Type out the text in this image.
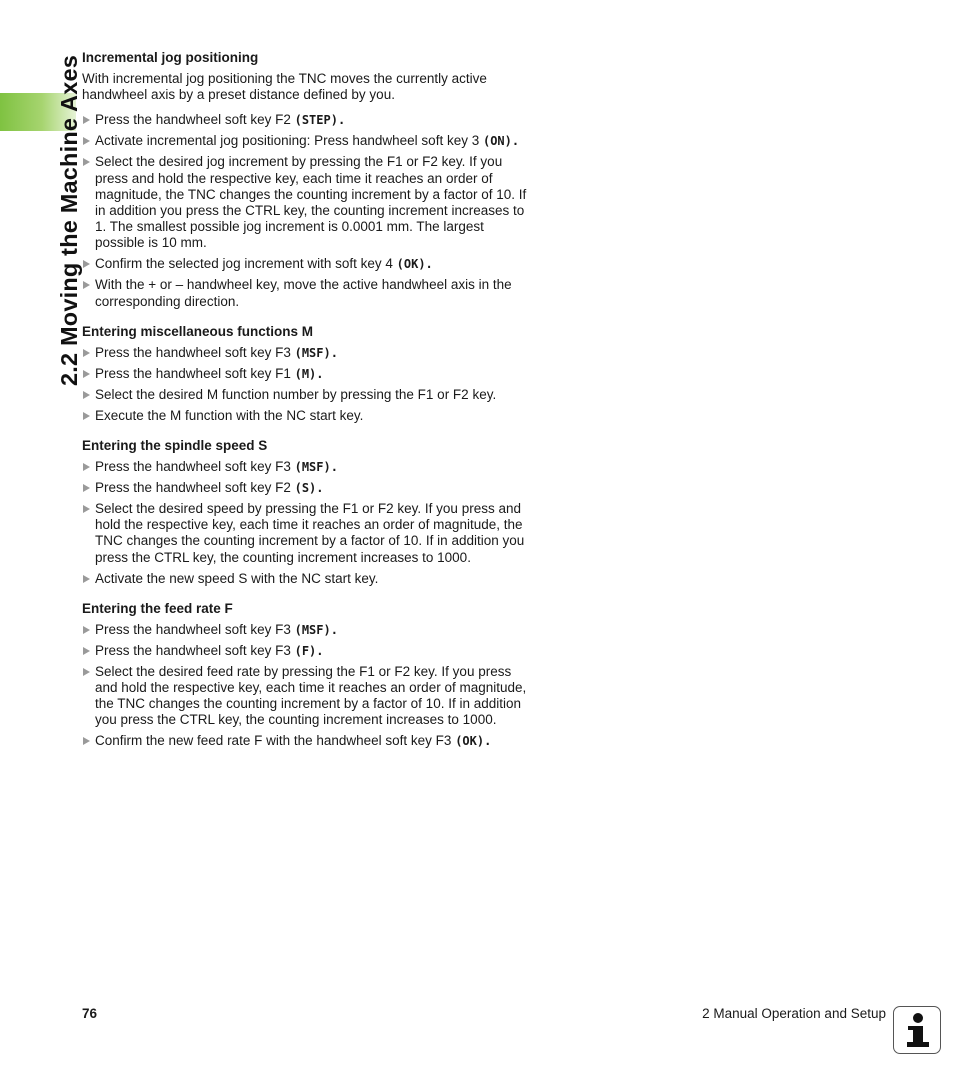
2.2 Moving the Machine Axes Incremental jog positioning
With incremental jog positioning the TNC moves the currently active handwheel axis by a preset distance defined by you.
Press the handwheel soft key F2 (STEP).
Activate incremental jog positioning: Press handwheel soft key 3 (ON).
Select the desired jog increment by pressing the F1 or F2 key. If you press and hold the respective key, each time it reaches an order of magnitude, the TNC changes the counting increment by a factor of 10. If in addition you press the CTRL key, the counting increment increases to 1. The smallest possible jog increment is 0.0001 mm. The largest possible is 10 mm.
Confirm the selected jog increment with soft key 4 (OK).
With the + or – handwheel key, move the active handwheel axis in the corresponding direction.
Entering miscellaneous functions M
Press the handwheel soft key F3 (MSF).
Press the handwheel soft key F1 (M).
Select the desired M function number by pressing the F1 or F2 key.
Execute the M function with the NC start key.
Entering the spindle speed S
Press the handwheel soft key F3 (MSF).
Press the handwheel soft key F2 (S).
Select the desired speed by pressing the F1 or F2 key. If you press and hold the respective key, each time it reaches an order of magnitude, the TNC changes the counting increment by a factor of 10. If in addition you press the CTRL key, the counting increment increases to 1000.
Activate the new speed S with the NC start key.
Entering the feed rate F
Press the handwheel soft key F3 (MSF).
Press the handwheel soft key F3 (F).
Select the desired feed rate by pressing the F1 or F2 key. If you press and hold the respective key, each time it reaches an order of magnitude, the TNC changes the counting increment by a factor of 10. If in addition you press the CTRL key, the counting increment increases to 1000.
Confirm the new feed rate F with the handwheel soft key F3 (OK).
76	2 Manual Operation and Setup
